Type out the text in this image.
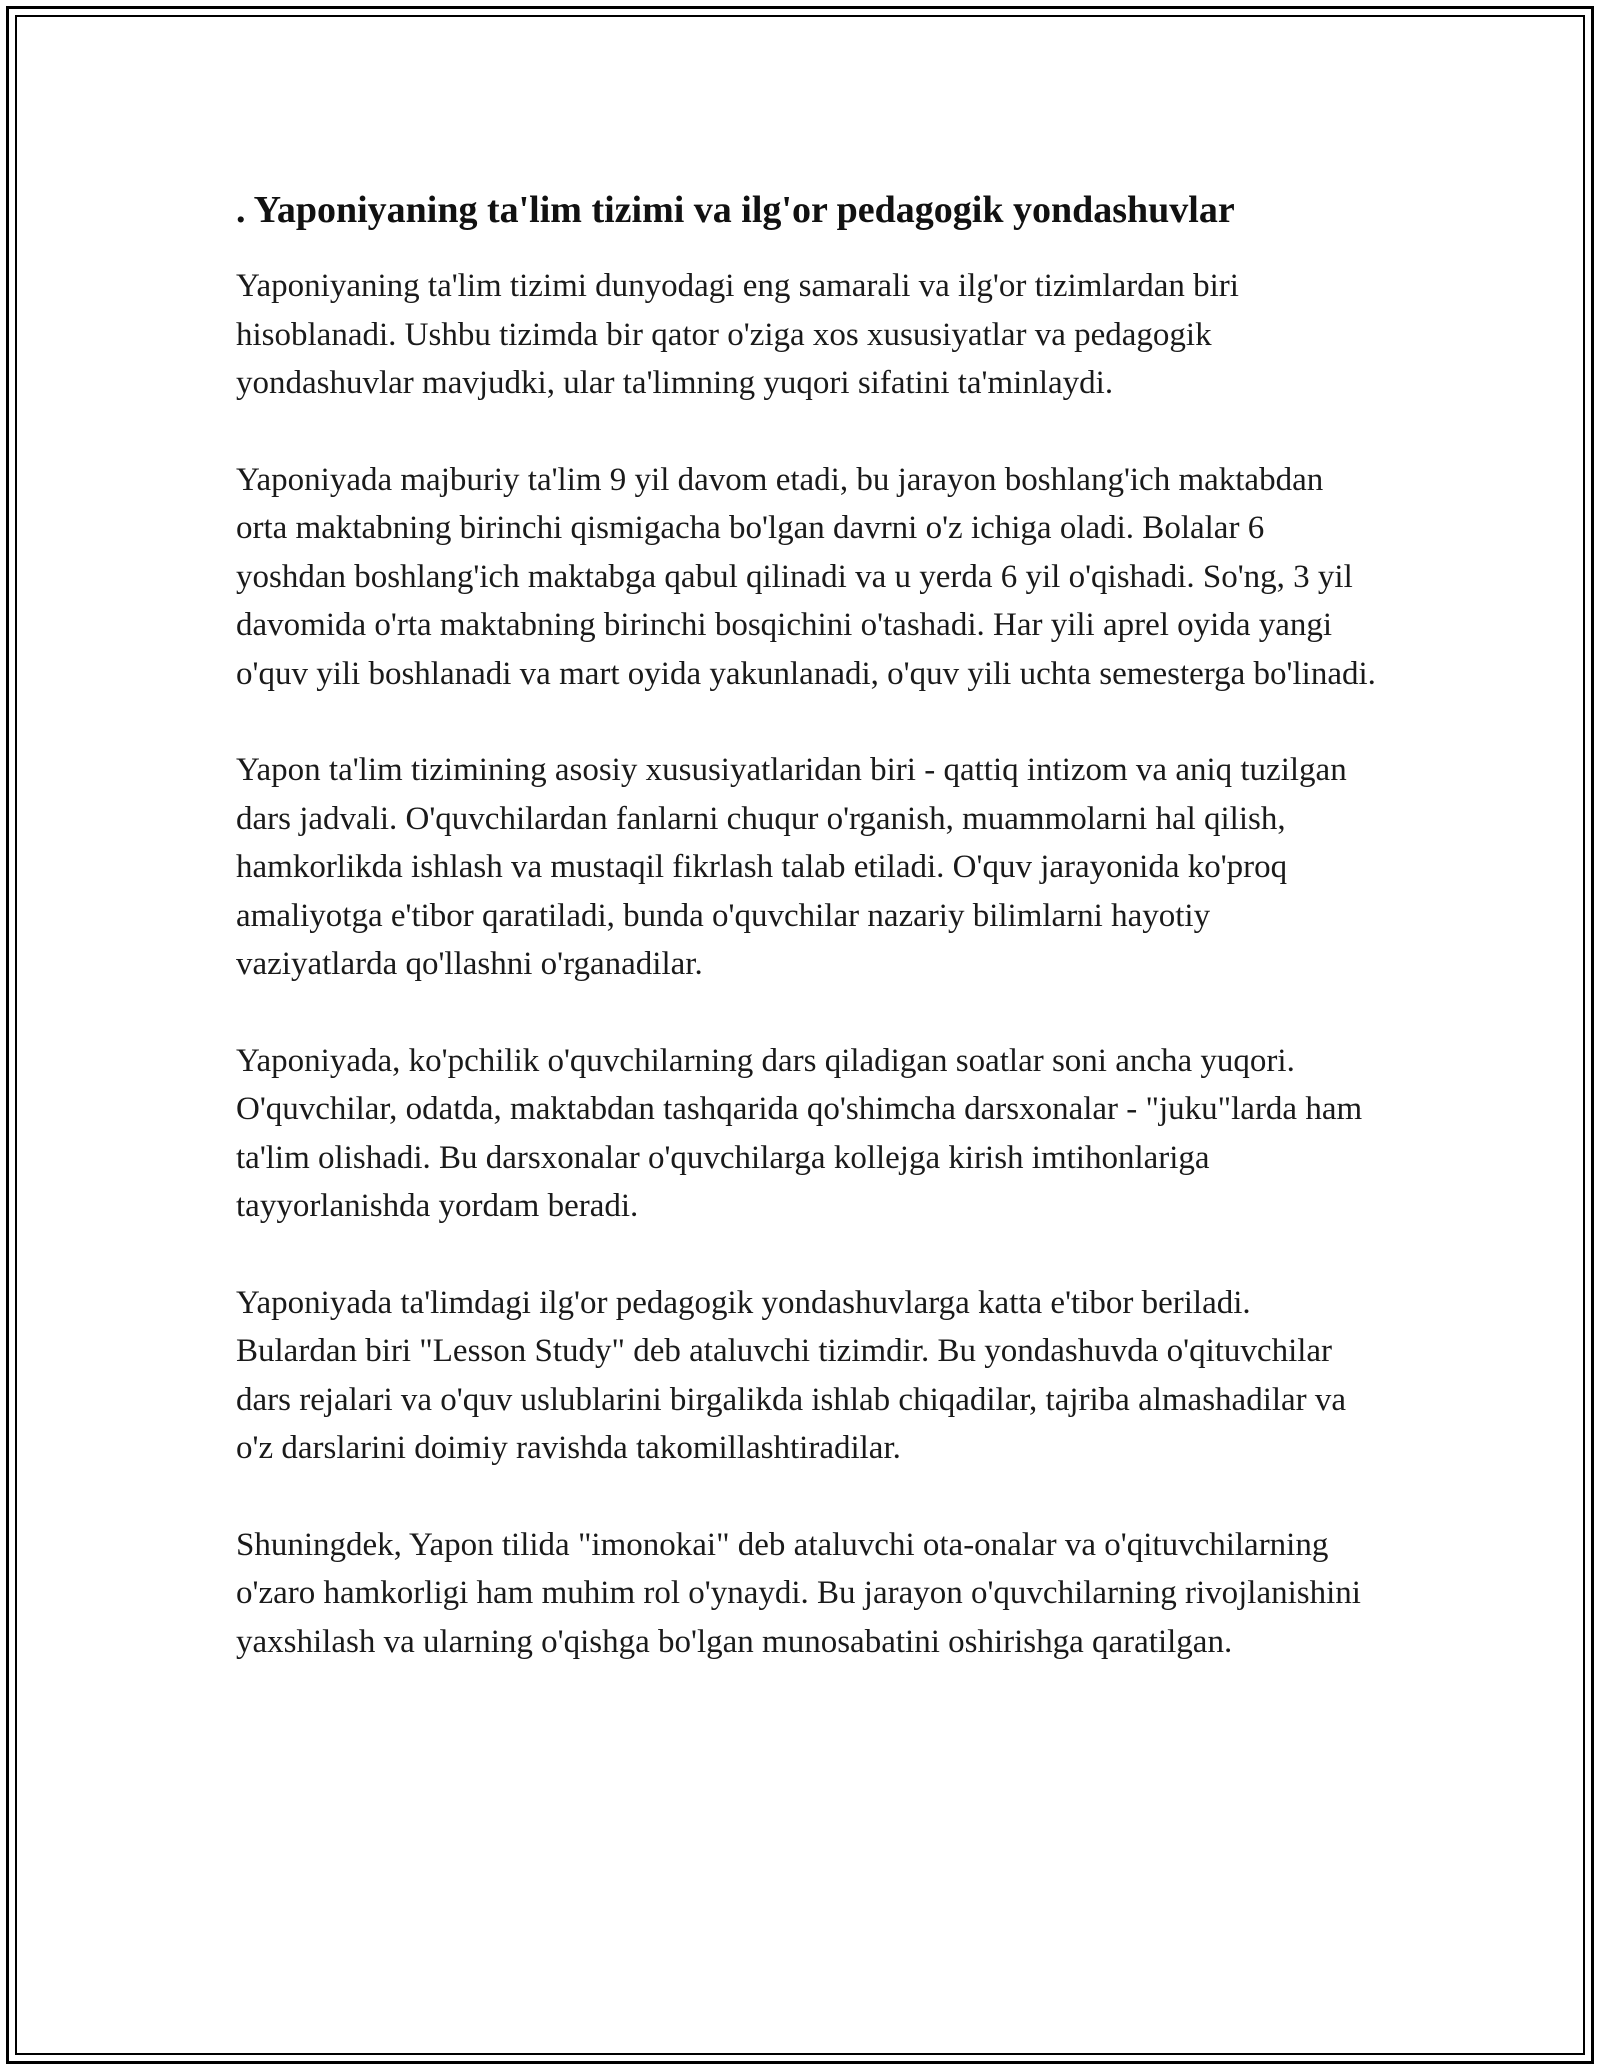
. Yaponiyaning ta'lim tizimi va ilg'or pedagogik yondashuvlar

Yaponiyaning ta'lim tizimi dunyodagi eng samarali va ilg'or tizimlardan biri hisoblanadi. Ushbu tizimda bir qator o'ziga xos xususiyatlar va pedagogik yondashuvlar mavjudki, ular ta'limning yuqori sifatini ta'minlaydi.

Yaponiyada majburiy ta'lim 9 yil davom etadi, bu jarayon boshlang'ich maktabdan orta maktabning birinchi qismigacha bo'lgan davrni o'z ichiga oladi. Bolalar 6 yoshdan boshlang'ich maktabga qabul qilinadi va u yerda 6 yil o'qishadi. So'ng, 3 yil davomida o'rta maktabning birinchi bosqichini o'tashadi. Har yili aprel oyida yangi o'quv yili boshlanadi va mart oyida yakunlanadi, o'quv yili uchta semesterga bo'linadi.

Yapon ta'lim tizimining asosiy xususiyatlaridan biri - qattiq intizom va aniq tuzilgan dars jadvali. O'quvchilardan fanlarni chuqur o'rganish, muammolarni hal qilish, hamkorlikda ishlash va mustaqil fikrlash talab etiladi. O'quv jarayonida ko'proq amaliyotga e'tibor qaratiladi, bunda o'quvchilar nazariy bilimlarni hayotiy vaziyatlarda qo'llashni o'rganadilar.

Yaponiyada, ko'pchilik o'quvchilarning dars qiladigan soatlar soni ancha yuqori. O'quvchilar, odatda, maktabdan tashqarida qo'shimcha darsxonalar - "juku"larda ham ta'lim olishadi. Bu darsxonalar o'quvchilarga kollejga kirish imtihonlariga tayyorlanishda yordam beradi.

Yaponiyada ta'limdagi ilg'or pedagogik yondashuvlarga katta e'tibor beriladi. Bulardan biri "Lesson Study" deb ataluvchi tizimdir. Bu yondashuvda o'qituvchilar dars rejalari va o'quv uslublarini birgalikda ishlab chiqadilar, tajriba almashadilar va o'z darslarini doimiy ravishda takomillashtiradilar.

Shuningdek, Yapon tilida "imonokai" deb ataluvchi ota-onalar va o'qituvchilarning o'zaro hamkorligi ham muhim rol o'ynaydi. Bu jarayon o'quvchilarning rivojlanishini yaxshilash va ularning o'qishga bo'lgan munosabatini oshirishga qaratilgan.
